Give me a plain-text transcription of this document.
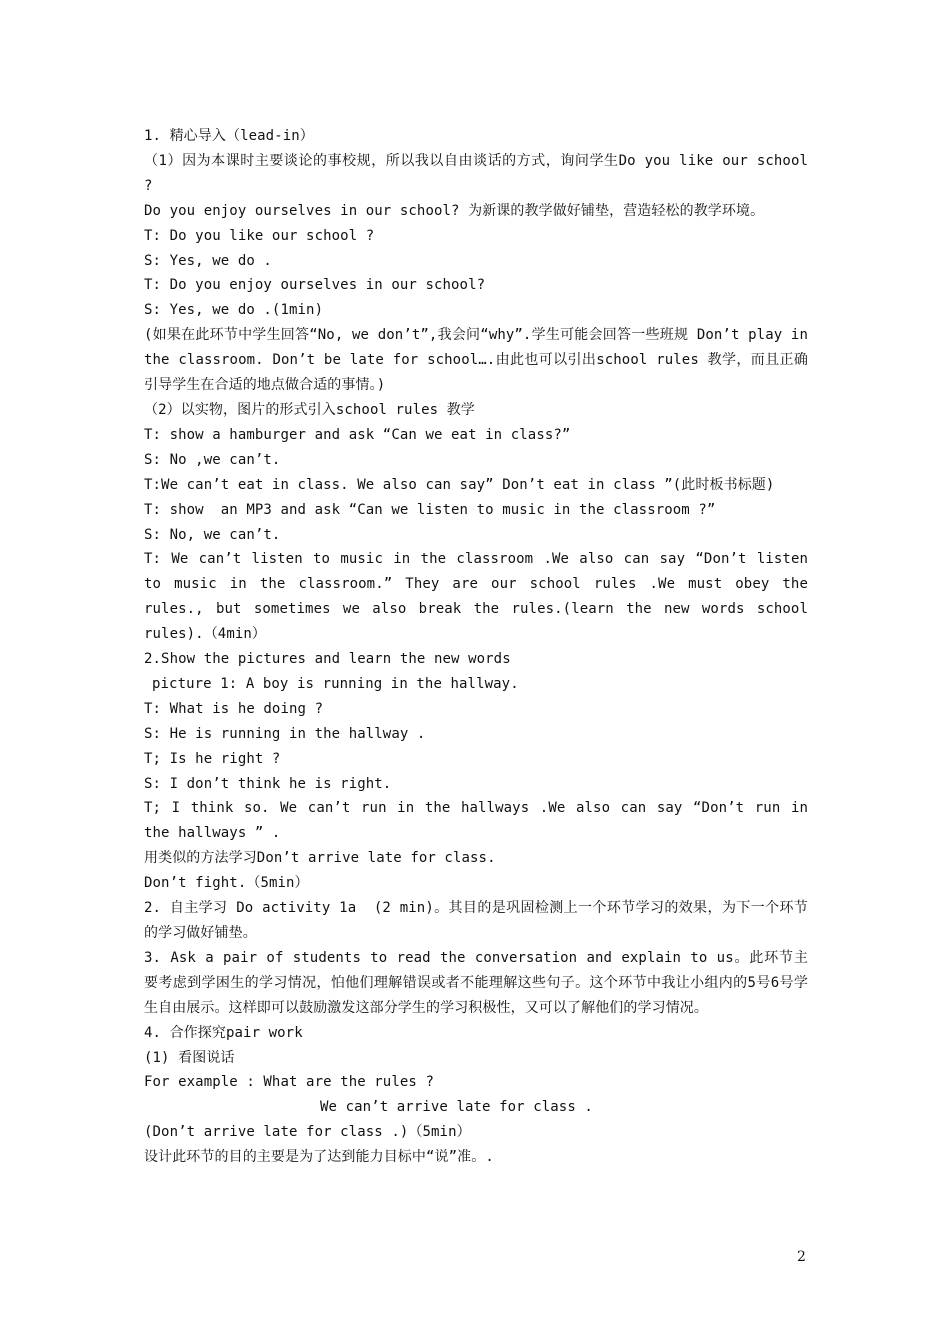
1. 精心导入（lead-in）

（1）因为本课时主要谈论的事校规，所以我以自由谈话的方式，询问学生Do you like our school ?

Do you enjoy ourselves in our school? 为新课的教学做好铺垫，营造轻松的教学环境。

T: Do you like our school ?

S: Yes, we do .

T: Do you enjoy ourselves in our school?

S: Yes, we do .(1min)

(如果在此环节中学生回答“No, we don’t”,我会问“why”.学生可能会回答一些班规 Don’t play in the classroom. Don’t be late for school….由此也可以引出school rules 教学，而且正确引导学生在合适的地点做合适的事情。)

（2）以实物，图片的形式引入school rules 教学

T: show a hamburger and ask “Can we eat in class?”

S: No ,we can’t.

T:We can’t eat in class. We also can say” Don’t eat in class ”(此时板书标题)

T: show  an MP3 and ask “Can we listen to music in the classroom ?”

S: No, we can’t.

T: We can’t listen to music in the classroom .We also can say “Don’t listen to music in the classroom.” They are our school rules .We must obey the rules., but sometimes we also break the rules.(learn the new words school rules).（4min）

2.Show the pictures and learn the new words

picture 1: A boy is running in the hallway.

T: What is he doing ?

S: He is running in the hallway .

T; Is he right ?

S: I don’t think he is right.

T; I think so. We can’t run in the hallways .We also can say “Don’t run in the hallways ” .

用类似的方法学习Don’t arrive late for class.

Don’t fight.（5min）

2. 自主学习 Do activity 1a  (2 min)。其目的是巩固检测上一个环节学习的效果，为下一个环节的学习做好铺垫。

3. Ask a pair of students to read the conversation and explain to us。此环节主要考虑到学困生的学习情况，怕他们理解错误或者不能理解这些句子。这个环节中我让小组内的5号6号学生自由展示。这样即可以鼓励激发这部分学生的学习积极性，又可以了解他们的学习情况。

4. 合作探究pair work

(1) 看图说话

For example : What are the rules ?

We can’t arrive late for class .

(Don’t arrive late for class .)（5min）

设计此环节的目的主要是为了达到能力目标中“说”准。.

2
